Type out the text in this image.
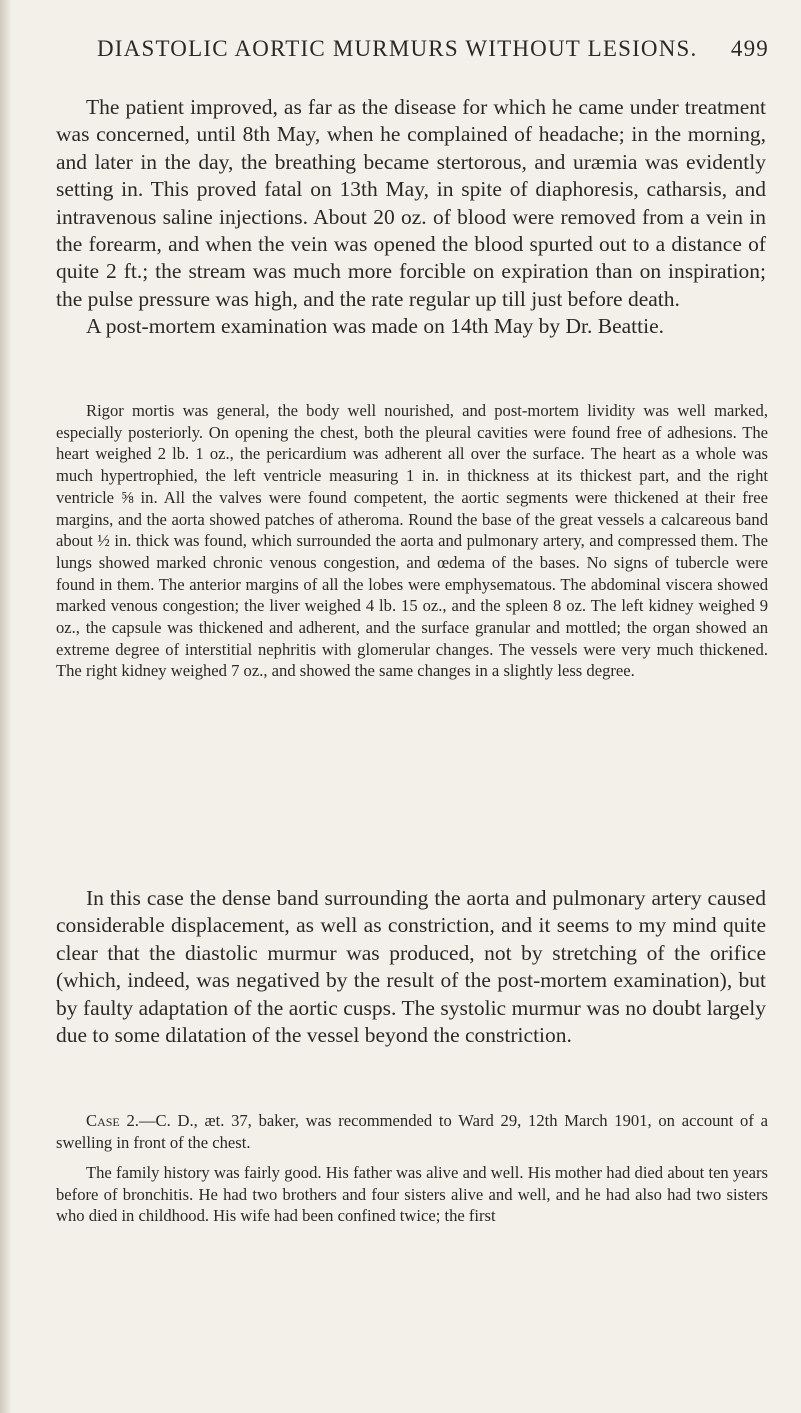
DIASTOLIC AORTIC MURMURS WITHOUT LESIONS. 499

The patient improved, as far as the disease for which he came under treatment was concerned, until 8th May, when he complained of headache; in the morning, and later in the day, the breathing became stertorous, and uræmia was evidently setting in. This proved fatal on 13th May, in spite of diaphoresis, catharsis, and intravenous saline injections. About 20 oz. of blood were removed from a vein in the forearm, and when the vein was opened the blood spurted out to a distance of quite 2 ft.; the stream was much more forcible on expiration than on inspiration; the pulse pressure was high, and the rate regular up till just before death.

A post-mortem examination was made on 14th May by Dr. Beattie.

Rigor mortis was general, the body well nourished, and post-mortem lividity was well marked, especially posteriorly. On opening the chest, both the pleural cavities were found free of adhesions. The heart weighed 2 lb. 1 oz., the pericardium was adherent all over the surface. The heart as a whole was much hypertrophied, the left ventricle measuring 1 in. in thickness at its thickest part, and the right ventricle ⅝ in. All the valves were found competent, the aortic segments were thickened at their free margins, and the aorta showed patches of atheroma. Round the base of the great vessels a calcareous band about ½ in. thick was found, which surrounded the aorta and pulmonary artery, and compressed them. The lungs showed marked chronic venous congestion, and œdema of the bases. No signs of tubercle were found in them. The anterior margins of all the lobes were emphysematous. The abdominal viscera showed marked venous congestion; the liver weighed 4 lb. 15 oz., and the spleen 8 oz. The left kidney weighed 9 oz., the capsule was thickened and adherent, and the surface granular and mottled; the organ showed an extreme degree of interstitial nephritis with glomerular changes. The vessels were very much thickened. The right kidney weighed 7 oz., and showed the same changes in a slightly less degree.

In this case the dense band surrounding the aorta and pulmonary artery caused considerable displacement, as well as constriction, and it seems to my mind quite clear that the diastolic murmur was produced, not by stretching of the orifice (which, indeed, was negatived by the result of the post-mortem examination), but by faulty adaptation of the aortic cusps. The systolic murmur was no doubt largely due to some dilatation of the vessel beyond the constriction.

Case 2.—C. D., æt. 37, baker, was recommended to Ward 29, 12th March 1901, on account of a swelling in front of the chest.

The family history was fairly good. His father was alive and well. His mother had died about ten years before of bronchitis. He had two brothers and four sisters alive and well, and he had also had two sisters who died in childhood. His wife had been confined twice; the first
